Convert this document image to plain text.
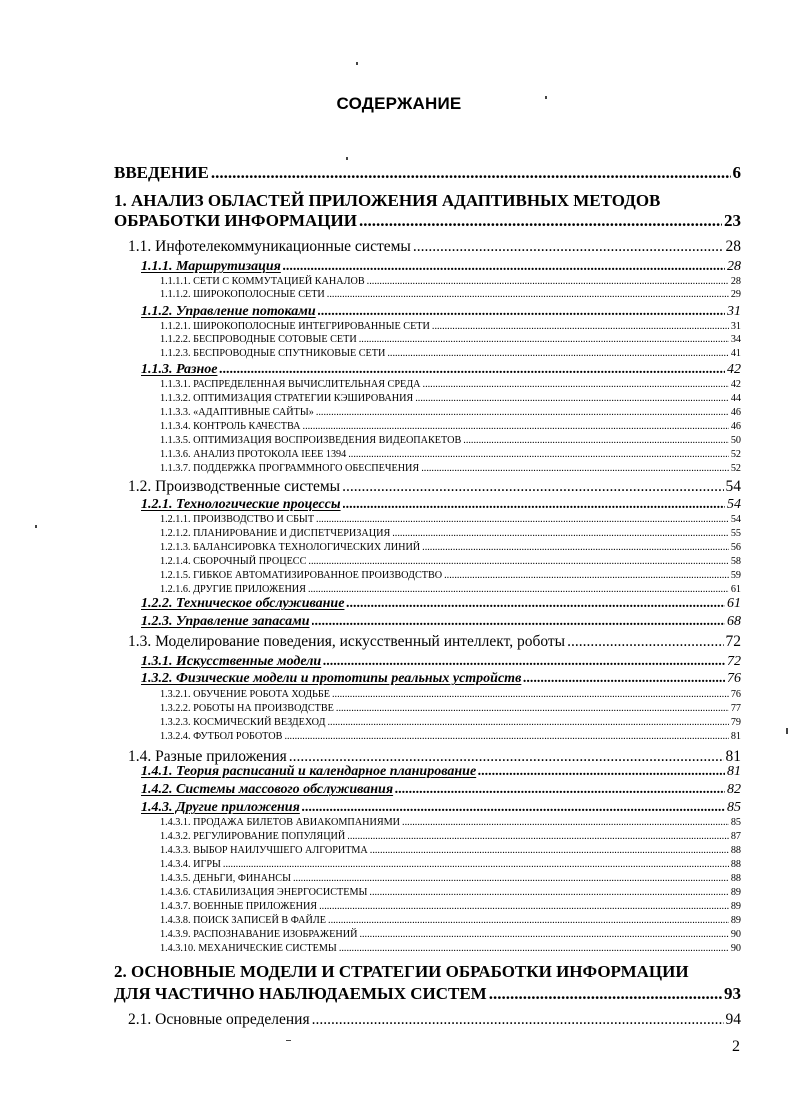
СОДЕРЖАНИЕ
ВВЕДЕНИЕ .....	6
1. АНАЛИЗ ОБЛАСТЕЙ ПРИЛОЖЕНИЯ АДАПТИВНЫХ МЕТОДОВ
ОБРАБОТКИ ИНФОРМАЦИИ .....	23
1.1. Инфотелекоммуникационные системы .....	28
1.1.1. Маршрутизация .....	28
1.1.1.1. СЕТИ С КОММУТАЦИЕЙ КАНАЛОВ .....	28
1.1.1.2. ШИРОКОПОЛОСНЫЕ СЕТИ .....	29
1.1.2. Управление потоками .....	31
1.1.2.1. ШИРОКОПОЛОСНЫЕ ИНТЕГРИРОВАННЫЕ СЕТИ .....	31
1.1.2.2. БЕСПРОВОДНЫЕ СОТОВЫЕ СЕТИ .....	34
1.1.2.3. БЕСПРОВОДНЫЕ СПУТНИКОВЫЕ СЕТИ .....	41
1.1.3. Разное .....	42
1.1.3.1. РАСПРЕДЕЛЕННАЯ ВЫЧИСЛИТЕЛЬНАЯ СРЕДА .....	42
1.1.3.2. ОПТИМИЗАЦИЯ СТРАТЕГИИ КЭШИРОВАНИЯ .....	44
1.1.3.3. «АДАПТИВНЫЕ САЙТЫ» .....	46
1.1.3.4. КОНТРОЛЬ КАЧЕСТВА .....	46
1.1.3.5. ОПТИМИЗАЦИЯ ВОСПРОИЗВЕДЕНИЯ ВИДЕОПАКЕТОВ .....	50
1.1.3.6. АНАЛИЗ ПРОТОКОЛА IEEE 1394 .....	52
1.1.3.7. ПОДДЕРЖКА ПРОГРАММНОГО ОБЕСПЕЧЕНИЯ .....	52
1.2. Производственные системы .....	54
1.2.1. Технологические процессы .....	54
1.2.1.1. ПРОИЗВОДСТВО И СБЫТ .....	54
1.2.1.2. ПЛАНИРОВАНИЕ И ДИСПЕТЧЕРИЗАЦИЯ .....	55
1.2.1.3. БАЛАНСИРОВКА ТЕХНОЛОГИЧЕСКИХ ЛИНИЙ .....	56
1.2.1.4. СБОРОЧНЫЙ ПРОЦЕСС .....	58
1.2.1.5. ГИБКОЕ АВТОМАТИЗИРОВАННОЕ ПРОИЗВОДСТВО .....	59
1.2.1.6. ДРУГИЕ ПРИЛОЖЕНИЯ .....	61
1.2.2. Техническое обслуживание .....	61
1.2.3. Управление запасами .....	68
1.3. Моделирование поведения, искусственный интеллект, роботы .....	72
1.3.1. Искусственные модели .....	72
1.3.2. Физические модели и прототипы реальных устройств .....	76
1.3.2.1. ОБУЧЕНИЕ РОБОТА ХОДЬБЕ .....	76
1.3.2.2. РОБОТЫ НА ПРОИЗВОДСТВЕ .....	77
1.3.2.3. КОСМИЧЕСКИЙ ВЕЗДЕХОД .....	79
1.3.2.4. ФУТБОЛ РОБОТОВ .....	81
1.4. Разные приложения .....	81
1.4.1. Теория расписаний и календарное планирование .....	81
1.4.2. Системы массового обслуживания .....	82
1.4.3. Другие приложения .....	85
1.4.3.1. ПРОДАЖА БИЛЕТОВ АВИАКОМПАНИЯМИ .....	85
1.4.3.2. РЕГУЛИРОВАНИЕ ПОПУЛЯЦИЙ .....	87
1.4.3.3. ВЫБОР НАИЛУЧШЕГО АЛГОРИТМА .....	88
1.4.3.4. ИГРЫ .....	88
1.4.3.5. ДЕНЬГИ, ФИНАНСЫ .....	88
1.4.3.6. СТАБИЛИЗАЦИЯ ЭНЕРГОСИСТЕМЫ .....	89
1.4.3.7. ВОЕННЫЕ ПРИЛОЖЕНИЯ .....	89
1.4.3.8. ПОИСК ЗАПИСЕЙ В ФАЙЛЕ .....	89
1.4.3.9. РАСПОЗНАВАНИЕ ИЗОБРАЖЕНИЙ .....	90
1.4.3.10. МЕХАНИЧЕСКИЕ СИСТЕМЫ .....	90
2. ОСНОВНЫЕ МОДЕЛИ И СТРАТЕГИИ ОБРАБОТКИ ИНФОРМАЦИИ
ДЛЯ ЧАСТИЧНО НАБЛЮДАЕМЫХ СИСТЕМ .....	93
2.1. Основные определения .....	94
2
